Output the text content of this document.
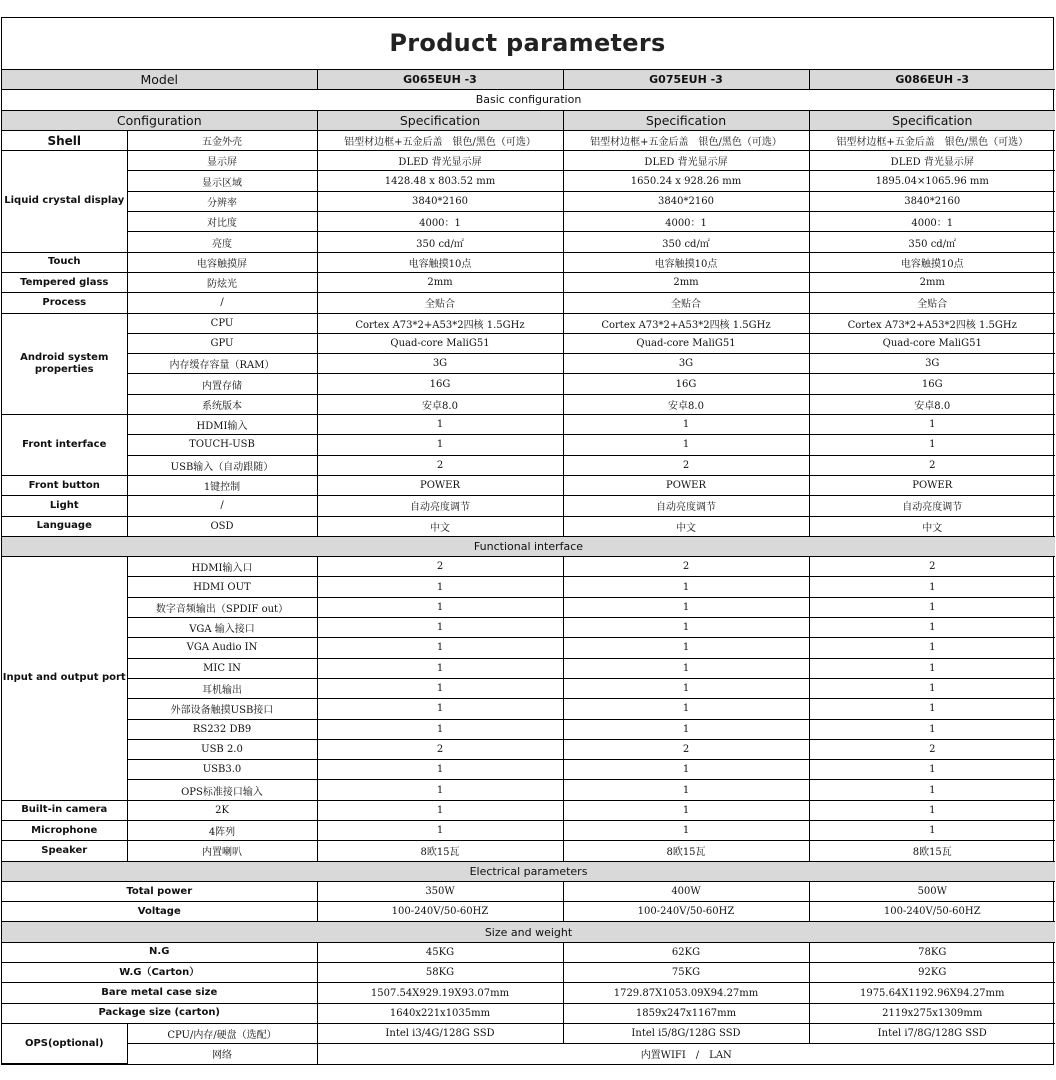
Product parameters
Model		G065EUH -3	G075EUH -3	G086EUH -3
Basic configuration				
Configuration		Specification	Specification	Specification
Shell	五金外壳	铝型材边框+五金后盖　银色/黑色（可选）	铝型材边框+五金后盖　银色/黑色（可选）	铝型材边框+五金后盖　银色/黑色（可选）
Liquid crystal display	显示屏	DLED 背光显示屏	DLED 背光显示屏	DLED 背光显示屏
	显示区域	1428.48 x 803.52 mm	1650.24 x 928.26 mm	1895.04×1065.96 mm
	分辨率	3840*2160	3840*2160	3840*2160
	对比度	4000：1	4000：1	4000：1
	亮度	350 cd/㎡	350 cd/㎡	350 cd/㎡
Touch	电容触摸屏	电容触摸10点	电容触摸10点	电容触摸10点
Tempered glass	防炫光	2mm	2mm	2mm
Process	/	全贴合	全贴合	全贴合
Android system properties	CPU	Cortex A73*2+A53*2四核 1.5GHz	Cortex A73*2+A53*2四核 1.5GHz	Cortex A73*2+A53*2四核 1.5GHz
	GPU	Quad-core MaliG51	Quad-core MaliG51	Quad-core MaliG51
	内存缓存容量（RAM）	3G	3G	3G
	内置存储	16G	16G	16G
	系统版本	安卓8.0	安卓8.0	安卓8.0
Front interface	HDMI输入	1	1	1
	TOUCH-USB	1	1	1
	USB输入（自动跟随）	2	2	2
Front button	1键控制	POWER	POWER	POWER
Light	/	自动亮度调节	自动亮度调节	自动亮度调节
Language	OSD	中文	中文	中文
Functional interface				
Input and output port	HDMI输入口	2	2	2
	HDMI OUT	1	1	1
	数字音频输出（SPDIF out）	1	1	1
	VGA 输入接口	1	1	1
	VGA Audio IN	1	1	1
	MIC IN	1	1	1
	耳机输出	1	1	1
	外部设备触摸USB接口	1	1	1
	RS232 DB9	1	1	1
	USB 2.0	2	2	2
	USB3.0	1	1	1
	OPS标准接口输入	1	1	1
Built-in camera	2K	1	1	1
Microphone	4阵列	1	1	1
Speaker	内置喇叭	8欧15瓦	8欧15瓦	8欧15瓦
Electrical parameters				
Total power		350W	400W	500W
Voltage		100-240V/50-60HZ	100-240V/50-60HZ	100-240V/50-60HZ
Size and weight				
N.G		45KG	62KG	78KG
W.G（Carton）		58KG	75KG	92KG
Bare metal case size		1507.54X929.19X93.07mm	1729.87X1053.09X94.27mm	1975.64X1192.96X94.27mm
Package size (carton)		1640x221x1035mm	1859x247x1167mm	2119x275x1309mm
OPS(optional)	CPU/内存/硬盘（选配）	Intel i3/4G/128G SSD	Intel i5/8G/128G SSD	Intel i7/8G/128G SSD
	网络	内置WIFI　/　LAN		
